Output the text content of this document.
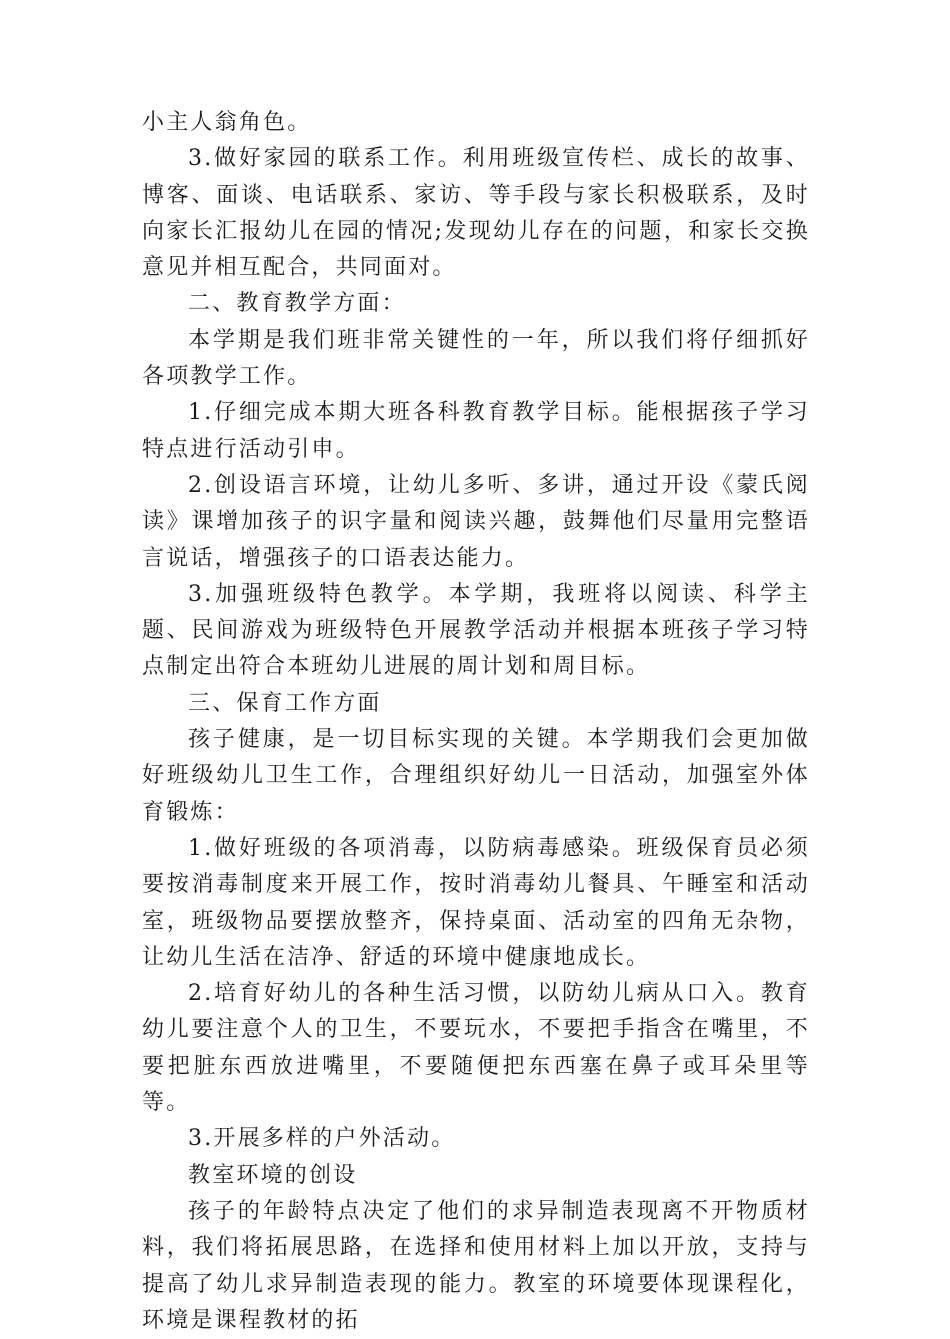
小主人翁角色。

3.做好家园的联系工作。利用班级宣传栏、成长的故事、博客、面谈、电话联系、家访、等手段与家长积极联系，及时向家长汇报幼儿在园的情况;发现幼儿存在的问题，和家长交换意见并相互配合，共同面对。

二、教育教学方面：

本学期是我们班非常关键性的一年，所以我们将仔细抓好各项教学工作。

1.仔细完成本期大班各科教育教学目标。能根据孩子学习特点进行活动引申。

2.创设语言环境，让幼儿多听、多讲，通过开设《蒙氏阅读》课增加孩子的识字量和阅读兴趣，鼓舞他们尽量用完整语言说话，增强孩子的口语表达能力。

3.加强班级特色教学。本学期，我班将以阅读、科学主题、民间游戏为班级特色开展教学活动并根据本班孩子学习特点制定出符合本班幼儿进展的周计划和周目标。

三、保育工作方面

孩子健康，是一切目标实现的关键。本学期我们会更加做好班级幼儿卫生工作，合理组织好幼儿一日活动，加强室外体育锻炼：

1.做好班级的各项消毒，以防病毒感染。班级保育员必须要按消毒制度来开展工作，按时消毒幼儿餐具、午睡室和活动室，班级物品要摆放整齐，保持桌面、活动室的四角无杂物，让幼儿生活在洁净、舒适的环境中健康地成长。

2.培育好幼儿的各种生活习惯，以防幼儿病从口入。教育幼儿要注意个人的卫生，不要玩水，不要把手指含在嘴里，不要把脏东西放进嘴里，不要随便把东西塞在鼻子或耳朵里等等。

3.开展多样的户外活动。

教室环境的创设

孩子的年龄特点决定了他们的求异制造表现离不开物质材料，我们将拓展思路，在选择和使用材料上加以开放，支持与提高了幼儿求异制造表现的能力。教室的环境要体现课程化，环境是课程教材的拓
